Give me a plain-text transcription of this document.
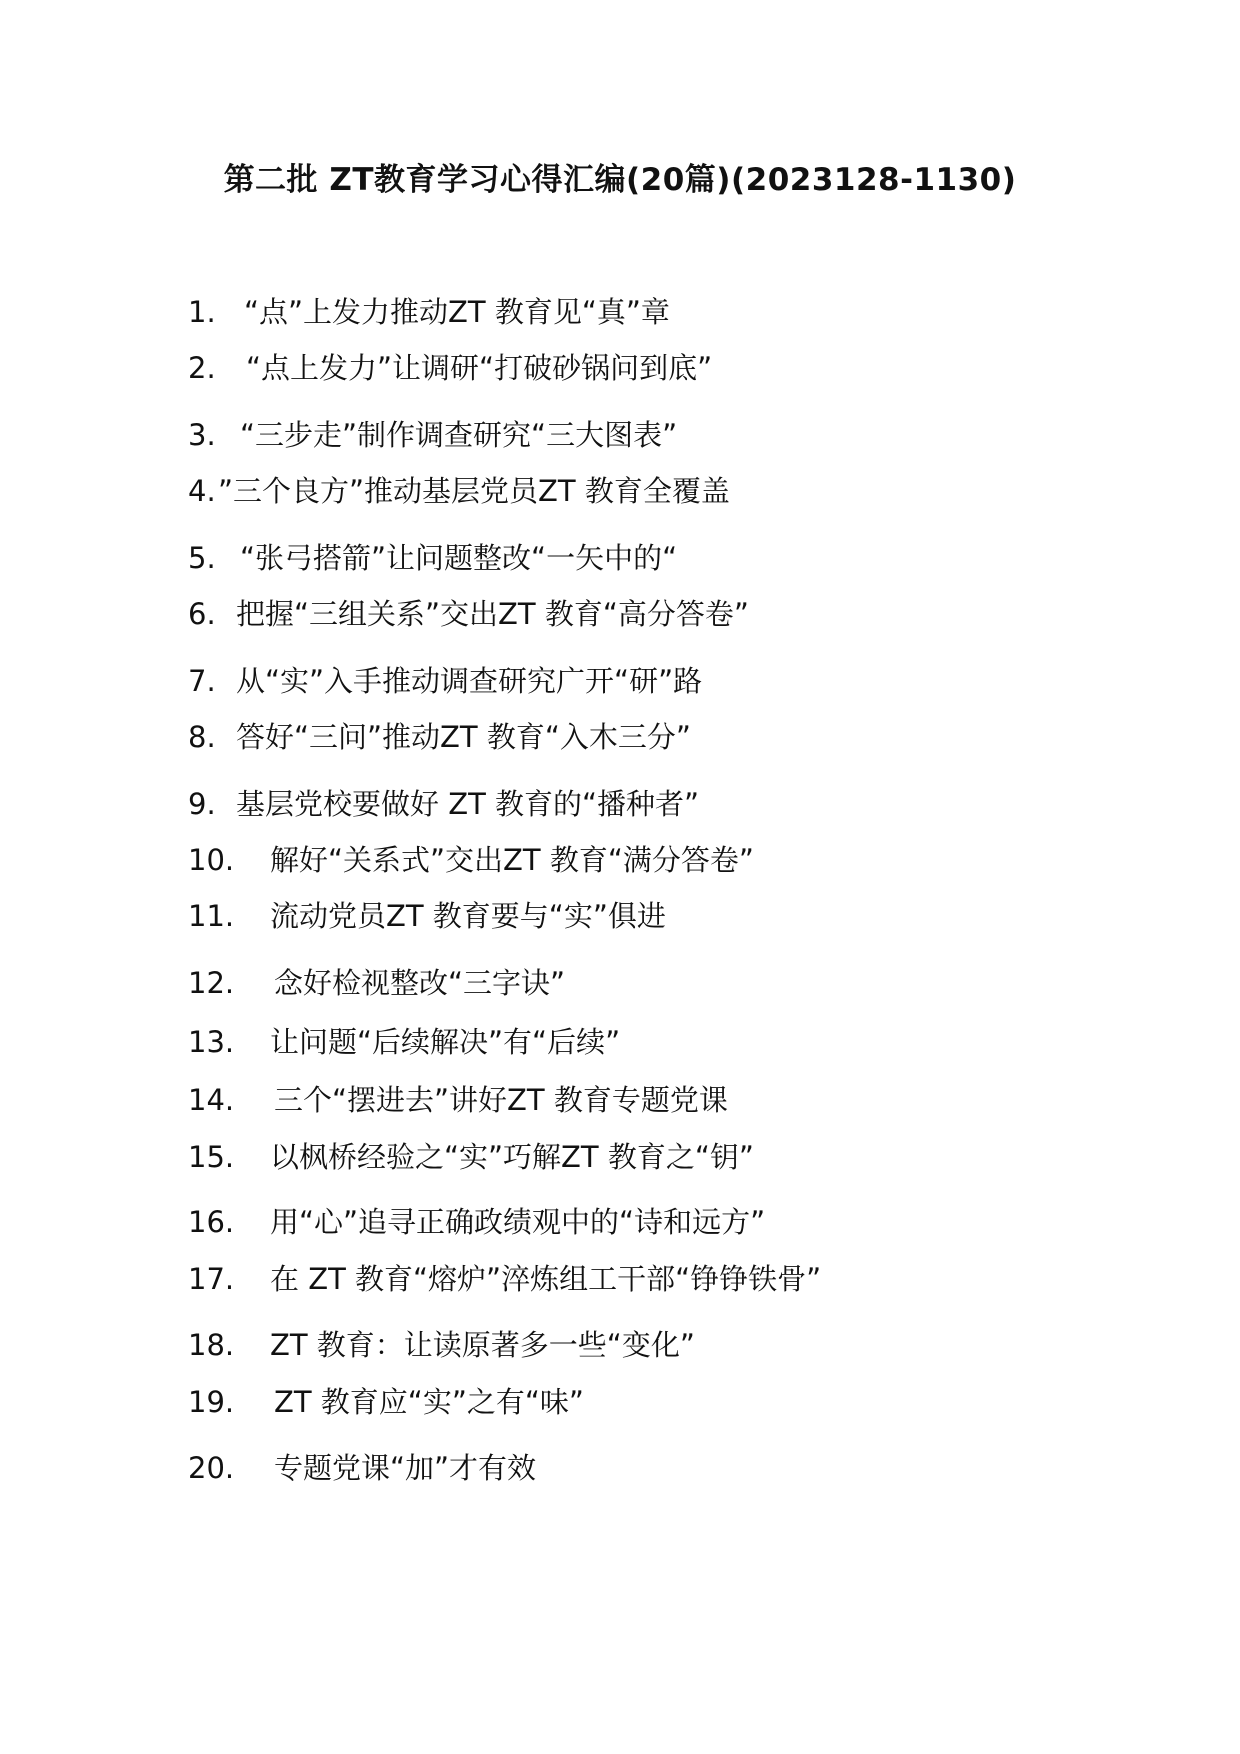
第二批 ZT教育学习心得汇编(20篇)(2023128-1130)
1. “点”上发力推动ZT 教育见“真”章
2. “点上发力”让调研“打破砂锅问到底”
3. “三步走”制作调查研究“三大图表”
4.”三个良方”推动基层党员ZT 教育全覆盖
5. “张弓搭箭”让问题整改“一矢中的“
6. 把握“三组关系”交出ZT 教育“高分答卷”
7. 从“实”入手推动调查研究广开“研”路
8. 答好“三问”推动ZT 教育“入木三分”
9. 基层党校要做好 ZT 教育的“播种者”
10. 解好“关系式”交出ZT 教育“满分答卷”
11. 流动党员ZT 教育要与“实”俱进
12. 念好检视整改“三字诀”
13. 让问题“后续解决”有“后续”
14. 三个“摆进去”讲好ZT 教育专题党课
15. 以枫桥经验之“实”巧解ZT 教育之“钥”
16. 用“心”追寻正确政绩观中的“诗和远方”
17. 在 ZT 教育“熔炉”淬炼组工干部“铮铮铁骨”
18. ZT 教育：让读原著多一些“变化”
19. ZT 教育应“实”之有“味”
20. 专题党课“加”才有效
